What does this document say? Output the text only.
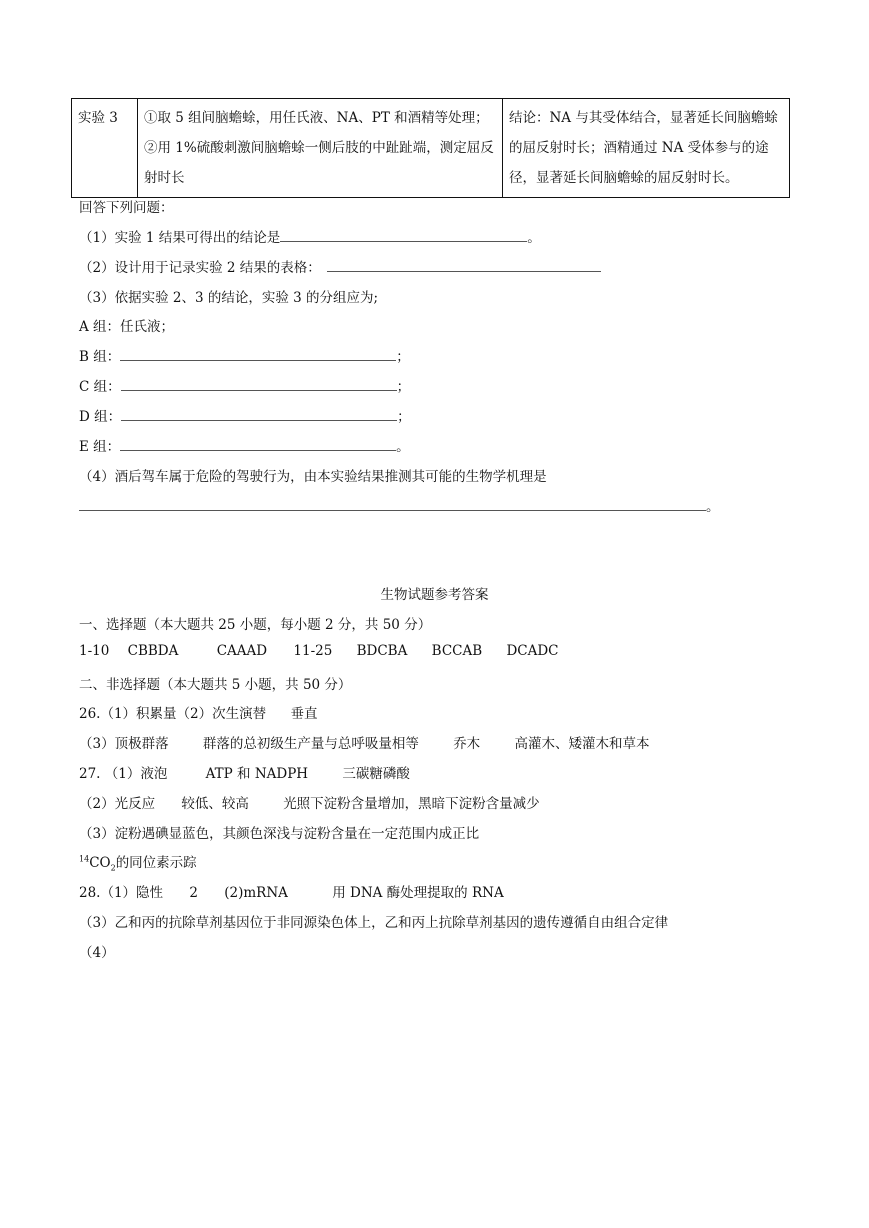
实验 3	①取 5 组间脑蟾蜍，用任氏液、NA、PT 和酒精等处理；②用 1%硫酸刺激间脑蟾蜍一侧后肢的中趾趾端，测定屈反射时长	结论：NA 与其受体结合，显著延长间脑蟾蜍的屈反射时长；酒精通过 NA 受体参与的途径，显著延长间脑蟾蜍的屈反射时长。
回答下列问题：
（1）实验 1 结果可得出的结论是	。
（2）设计用于记录实验 2 结果的表格：
（3）依据实验 2、3 的结论，实验 3 的分组应为;
A 组：任氏液；
B 组：	；
C 组：	；
D 组：	；
E 组：	。
（4）酒后驾车属于危险的驾驶行为，由本实验结果推测其可能的生物学机理是
。
生物试题参考答案
一、选择题（本大题共 25 小题，每小题 2 分，共 50 分）
1-10 CBBDA	CAAAD 11-25 BDCBA BCCAB DCADC
二、非选择题（本大题共 5 小题，共 50 分）
26.（1）积累量（2）次生演替 垂直
（3）顶极群落	群落的总初级生产量与总呼吸量相等	乔木	高灌木、矮灌木和草本
27. （1）液泡	ATP 和 NADPH	三碳糖磷酸
（2）光反应 较低、较高	光照下淀粉含量增加，黑暗下淀粉含量减少
（3）淀粉遇碘显蓝色，其颜色深浅与淀粉含量在一定范围内成正比
$^{14}CO_2$的同位素示踪
28.（1）隐性 2 (2)mRNA	用 DNA 酶处理提取的 RNA
（3）乙和丙的抗除草剂基因位于非同源染色体上，乙和丙上抗除草剂基因的遗传遵循自由组合定律
（4）
